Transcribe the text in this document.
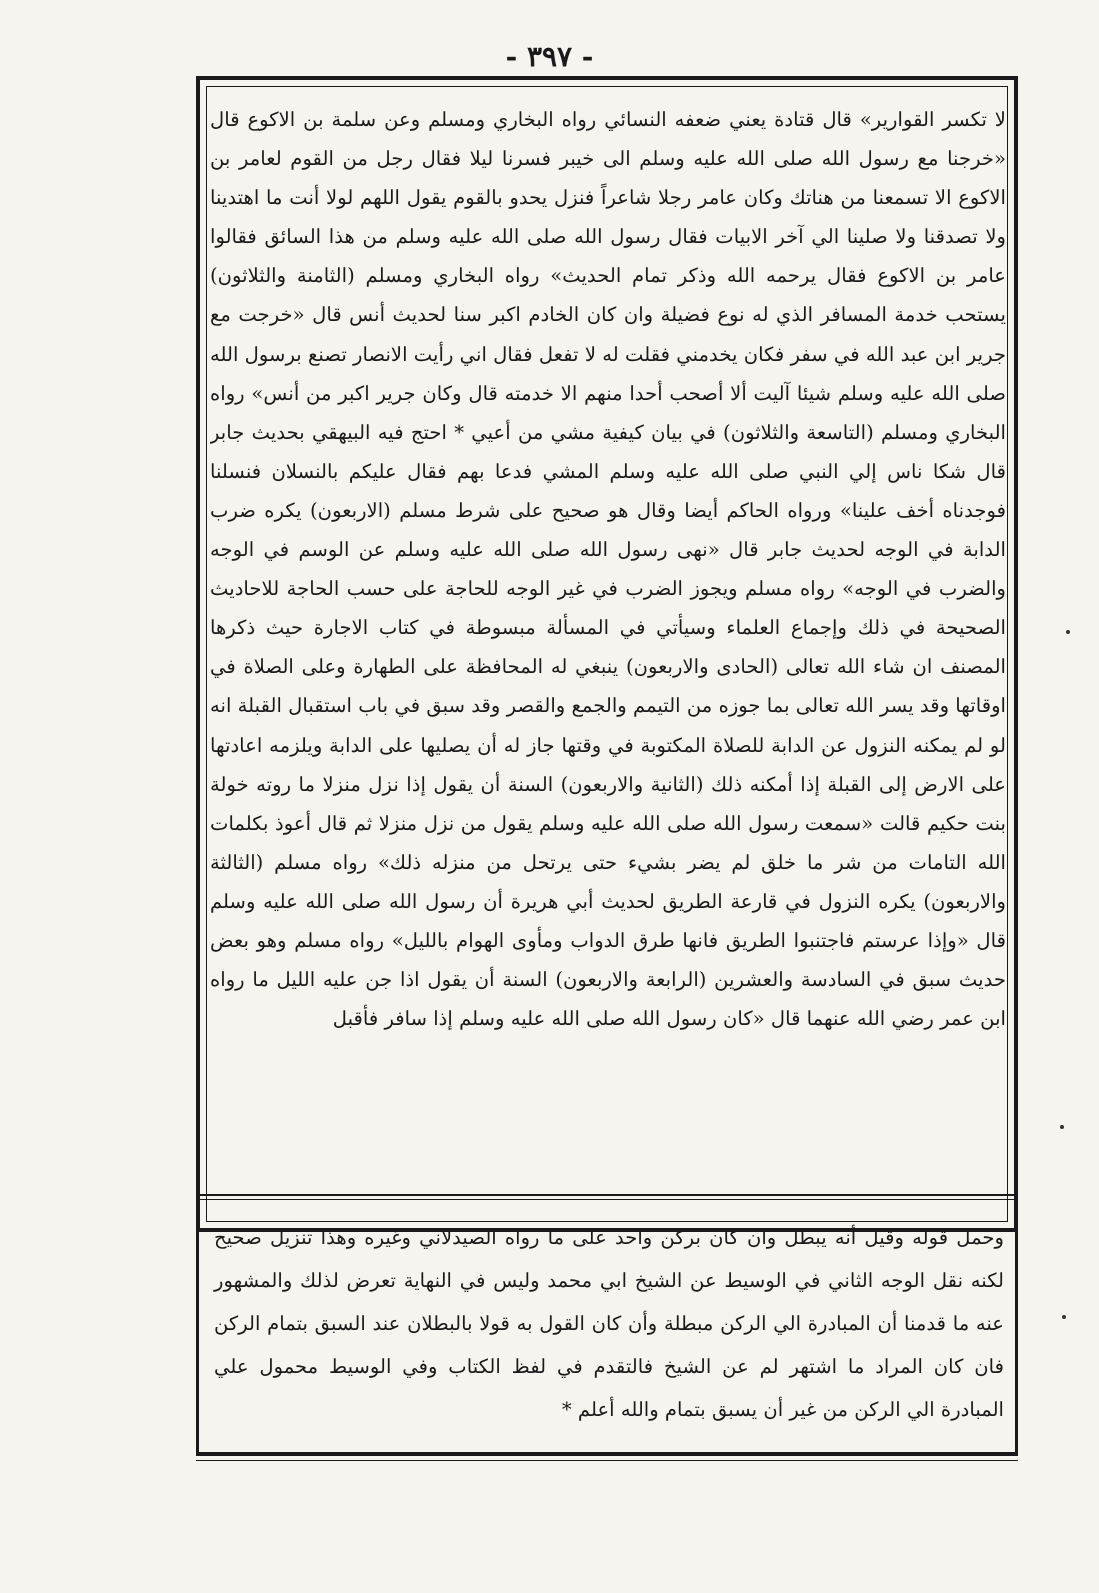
- ٣٩٧ -

لا تكسر القوارير» قال قتادة يعني ضعفه النسائي رواه البخاري ومسلم وعن سلمة بن الاكوع قال «خرجنا مع رسول الله صلى الله عليه وسلم الى خيبر فسرنا ليلا فقال رجل من القوم لعامر بن الاكوع الا تسمعنا من هناتك وكان عامر رجلا شاعراً فنزل يحدو بالقوم يقول اللهم لولا أنت ما اهتدينا ولا تصدقنا ولا صلينا الي آخر الابيات فقال رسول الله صلى الله عليه وسلم من هذا السائق فقالوا عامر بن الاكوع فقال يرحمه الله وذكر تمام الحديث» رواه البخاري ومسلم (الثامنة والثلاثون) يستحب خدمة المسافر الذي له نوع فضيلة وان كان الخادم اكبر سنا لحديث أنس قال «خرجت مع جرير ابن عبد الله في سفر فكان يخدمني فقلت له لا تفعل فقال اني رأيت الانصار تصنع برسول الله صلى الله عليه وسلم شيئا آليت ألا أصحب أحدا منهم الا خدمته قال وكان جرير اكبر من أنس» رواه البخاري ومسلم (التاسعة والثلاثون) في بيان كيفية مشي من أعيي * احتج فيه البيهقي بحديث جابر قال شكا ناس إلي النبي صلى الله عليه وسلم المشي فدعا بهم فقال عليكم بالنسلان فنسلنا فوجدناه أخف علينا» ورواه الحاكم أيضا وقال هو صحيح على شرط مسلم (الاربعون) يكره ضرب الدابة في الوجه لحديث جابر قال «نهى رسول الله صلى الله عليه وسلم عن الوسم في الوجه والضرب في الوجه» رواه مسلم ويجوز الضرب في غير الوجه للحاجة على حسب الحاجة للاحاديث الصحيحة في ذلك وإجماع العلماء وسيأتي في المسألة مبسوطة في كتاب الاجارة حيث ذكرها المصنف ان شاء الله تعالى (الحادى والاربعون) ينبغي له المحافظة على الطهارة وعلى الصلاة في اوقاتها وقد يسر الله تعالى بما جوزه من التيمم والجمع والقصر وقد سبق في باب استقبال القبلة انه لو لم يمكنه النزول عن الدابة للصلاة المكتوبة في وقتها جاز له أن يصليها على الدابة ويلزمه اعادتها على الارض إلى القبلة إذا أمكنه ذلك (الثانية والاربعون) السنة أن يقول إذا نزل منزلا ما روته خولة بنت حكيم قالت «سمعت رسول الله صلى الله عليه وسلم يقول من نزل منزلا ثم قال أعوذ بكلمات الله التامات من شر ما خلق لم يضر بشيء حتى يرتحل من منزله ذلك» رواه مسلم (الثالثة والاربعون) يكره النزول في قارعة الطريق لحديث أبي هريرة أن رسول الله صلى الله عليه وسلم قال «وإذا عرستم فاجتنبوا الطريق فانها طرق الدواب ومأوى الهوام بالليل» رواه مسلم وهو بعض حديث سبق في السادسة والعشرين (الرابعة والاربعون) السنة أن يقول اذا جن عليه الليل ما رواه ابن عمر رضي الله عنهما قال «كان رسول الله صلى الله عليه وسلم إذا سافر فأقبل

وحمل قوله وقيل أنه يبطل وان كان بركن واحد على ما رواه الصيدلاني وغيره وهذا تنزيل صحيح لكنه نقل الوجه الثاني في الوسيط عن الشيخ ابي محمد وليس في النهاية تعرض لذلك والمشهور عنه ما قدمنا أن المبادرة الي الركن مبطلة وأن كان القول به قولا بالبطلان عند السبق بتمام الركن فان كان المراد ما اشتهر لم عن الشيخ فالتقدم في لفظ الكتاب وفي الوسيط محمول علي المبادرة الي الركن من غير أن يسبق بتمام والله أعلم *
